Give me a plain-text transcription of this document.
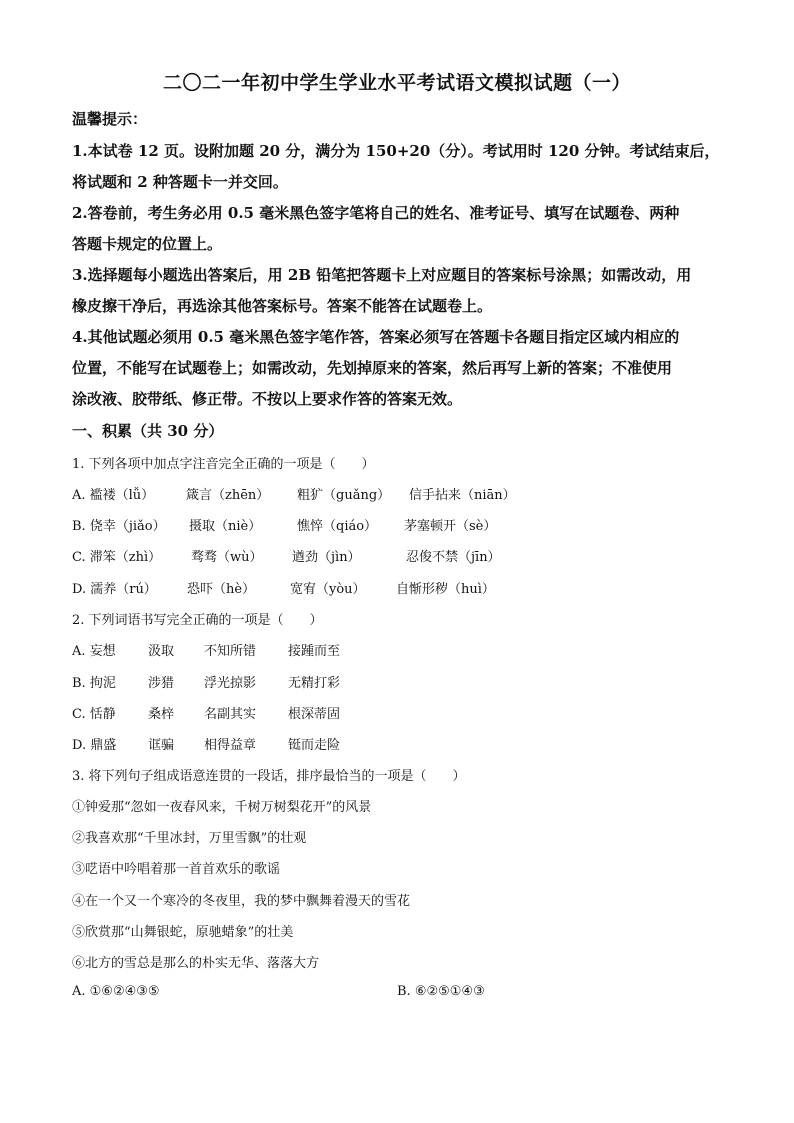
二〇二一年初中学生学业水平考试语文模拟试题（一）
温馨提示：
1.本试卷 12 页。设附加题 20 分，满分为 150+20（分）。考试用时 120 分钟。考试结束后，
将试题和 2 种答题卡一并交回。
2.答卷前，考生务必用 0.5 毫米黑色签字笔将自己的姓名、准考证号、填写在试题卷、两种
答题卡规定的位置上。
3.选择题每小题选出答案后，用 2B 铅笔把答题卡上对应题目的答案标号涂黑；如需改动，用
橡皮擦干净后，再选涂其他答案标号。答案不能答在试题卷上。
4.其他试题必须用 0.5 毫米黑色签字笔作答，答案必须写在答题卡各题目指定区域内相应的
位置，不能写在试题卷上；如需改动，先划掉原来的答案，然后再写上新的答案；不准使用
涂改液、胶带纸、修正带。不按以上要求作答的答案无效。
一、积累（共 30 分）
1. 下列各项中加点字注音完全正确的一项是（　　）
A. 褴褛（lǚ） 箴言（zhēn） 粗犷（guǎng） 信手拈来（niān）
B. 侥幸（jiǎo） 摄取（niè）	憔悴（qiáo） 茅塞顿开（sè）
C. 滞笨（zhì） 骛骛（wù） 遒劲（jìn）	忍俊不禁（jīn）
D. 濡养（rú） 恐吓（hè）	宽宥（yòu） 自惭形秽（huì）
2. 下列词语书写完全正确的一项是（　　）
A. 妄想 汲取 不知所错 接踵而至
B. 拘泥 涉猎 浮光掠影 无精打彩
C. 恬静 桑梓 名副其实 根深蒂固
D. 鼎盛 诓骗 相得益章 铤而走险
3. 将下列句子组成语意连贯的一段话，排序最恰当的一项是（　　）
①钟爱那“忽如一夜春风来，千树万树梨花开”的风景
②我喜欢那“千里冰封，万里雪飘”的壮观
③呓语中吟唱着那一首首欢乐的歌谣
④在一个又一个寒冷的冬夜里，我的梦中飘舞着漫天的雪花
⑤欣赏那“山舞银蛇，原驰蜡象”的壮美
⑥北方的雪总是那么的朴实无华、落落大方
A. ①⑥②④③⑤	B. ⑥②⑤①④③
